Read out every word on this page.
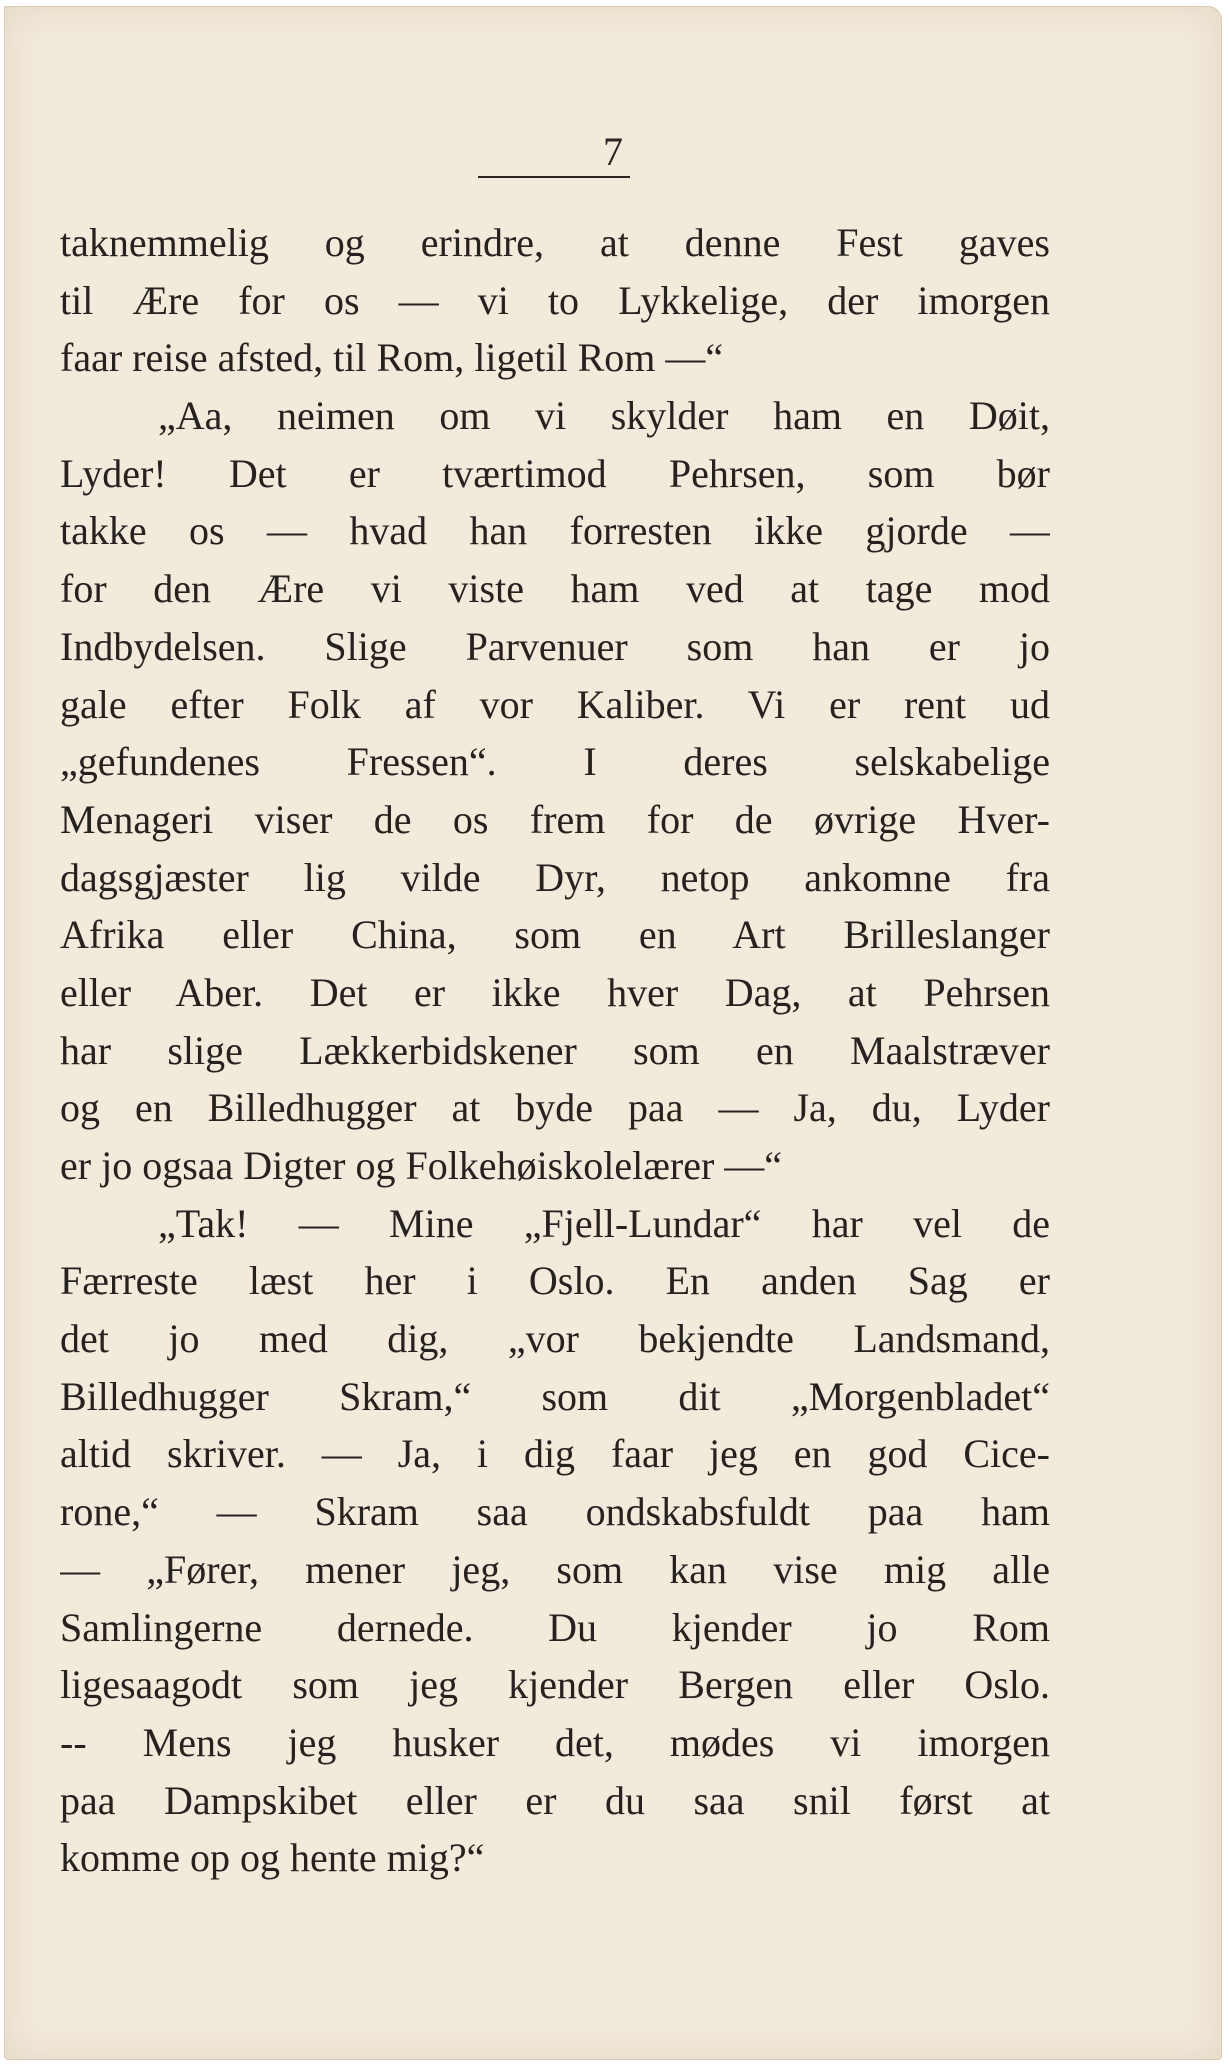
7
taknemmelig og erindre, at denne Fest gaves
til Ære for os — vi to Lykkelige, der imorgen
faar reise afsted, til Rom, ligetil Rom —“
„Aa, neimen om vi skylder ham en Døit,
Lyder! Det er tværtimod Pehrsen, som bør
takke os — hvad han forresten ikke gjorde —
for den Ære vi viste ham ved at tage mod
Indbydelsen. Slige Parvenuer som han er jo
gale efter Folk af vor Kaliber. Vi er rent ud
„gefundenes Fressen“. I deres selskabelige
Menageri viser de os frem for de øvrige Hver-
dagsgjæster lig vilde Dyr, netop ankomne fra
Afrika eller China, som en Art Brilleslanger
eller Aber. Det er ikke hver Dag, at Pehrsen
har slige Lækkerbidskener som en Maalstræver
og en Billedhugger at byde paa — Ja, du, Lyder
er jo ogsaa Digter og Folkehøiskolelærer —“
„Tak! — Mine „Fjell-Lundar“ har vel de
Færreste læst her i Oslo. En anden Sag er
det jo med dig, „vor bekjendte Landsmand,
Billedhugger Skram,“ som dit „Morgenbladet“
altid skriver. — Ja, i dig faar jeg en god Cice-
rone,“ — Skram saa ondskabsfuldt paa ham
— „Fører, mener jeg, som kan vise mig alle
Samlingerne dernede. Du kjender jo Rom
ligesaagodt som jeg kjender Bergen eller Oslo.
-- Mens jeg husker det, mødes vi imorgen
paa Dampskibet eller er du saa snil først at
komme op og hente mig?“
